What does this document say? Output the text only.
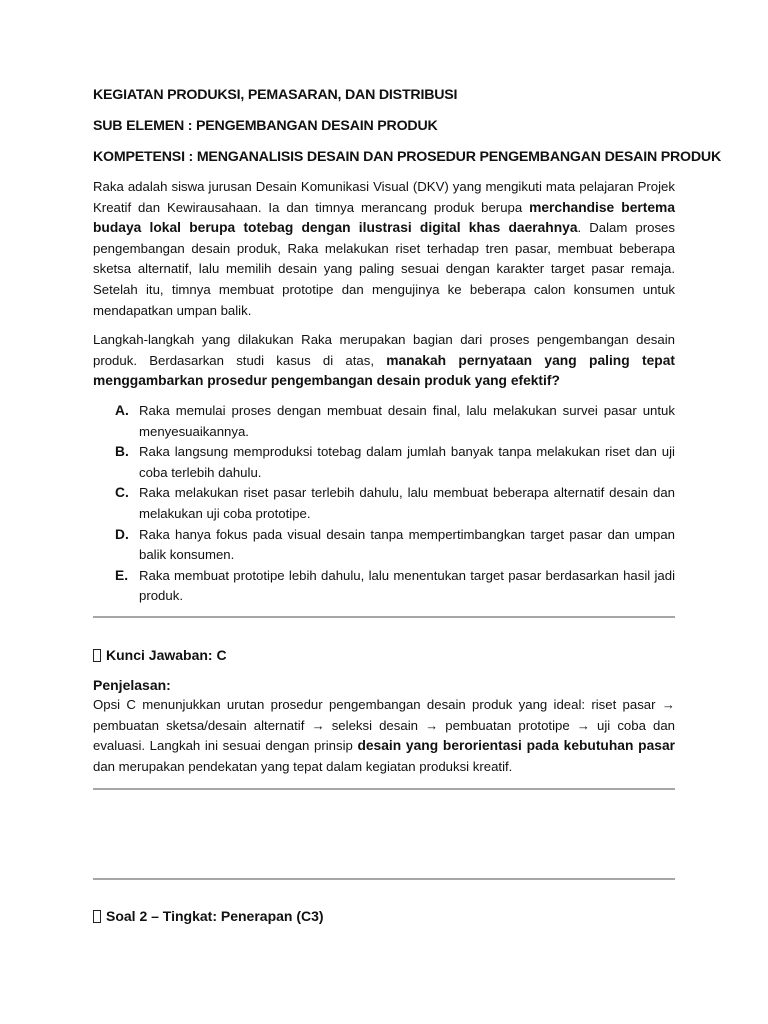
KEGIATAN PRODUKSI, PEMASARAN, DAN DISTRIBUSI

SUB ELEMEN : PENGEMBANGAN DESAIN PRODUK

KOMPETENSI : MENGANALISIS DESAIN DAN PROSEDUR PENGEMBANGAN DESAIN PRODUK

Raka adalah siswa jurusan Desain Komunikasi Visual (DKV) yang mengikuti mata pelajaran Projek Kreatif dan Kewirausahaan. Ia dan timnya merancang produk berupa merchandise bertema budaya lokal berupa totebag dengan ilustrasi digital khas daerahnya. Dalam proses pengembangan desain produk, Raka melakukan riset terhadap tren pasar, membuat beberapa sketsa alternatif, lalu memilih desain yang paling sesuai dengan karakter target pasar remaja. Setelah itu, timnya membuat prototipe dan mengujinya ke beberapa calon konsumen untuk mendapatkan umpan balik.

Langkah-langkah yang dilakukan Raka merupakan bagian dari proses pengembangan desain produk. Berdasarkan studi kasus di atas, manakah pernyataan yang paling tepat menggambarkan prosedur pengembangan desain produk yang efektif?

A. Raka memulai proses dengan membuat desain final, lalu melakukan survei pasar untuk menyesuaikannya.
B. Raka langsung memproduksi totebag dalam jumlah banyak tanpa melakukan riset dan uji coba terlebih dahulu.
C. Raka melakukan riset pasar terlebih dahulu, lalu membuat beberapa alternatif desain dan melakukan uji coba prototipe.
D. Raka hanya fokus pada visual desain tanpa mempertimbangkan target pasar dan umpan balik konsumen.
E. Raka membuat prototipe lebih dahulu, lalu menentukan target pasar berdasarkan hasil jadi produk.
Kunci Jawaban: C

Penjelasan:

Opsi C menunjukkan urutan prosedur pengembangan desain produk yang ideal: riset pasar → pembuatan sketsa/desain alternatif → seleksi desain → pembuatan prototipe → uji coba dan evaluasi. Langkah ini sesuai dengan prinsip desain yang berorientasi pada kebutuhan pasar dan merupakan pendekatan yang tepat dalam kegiatan produksi kreatif.

Soal 2 – Tingkat: Penerapan (C3)
